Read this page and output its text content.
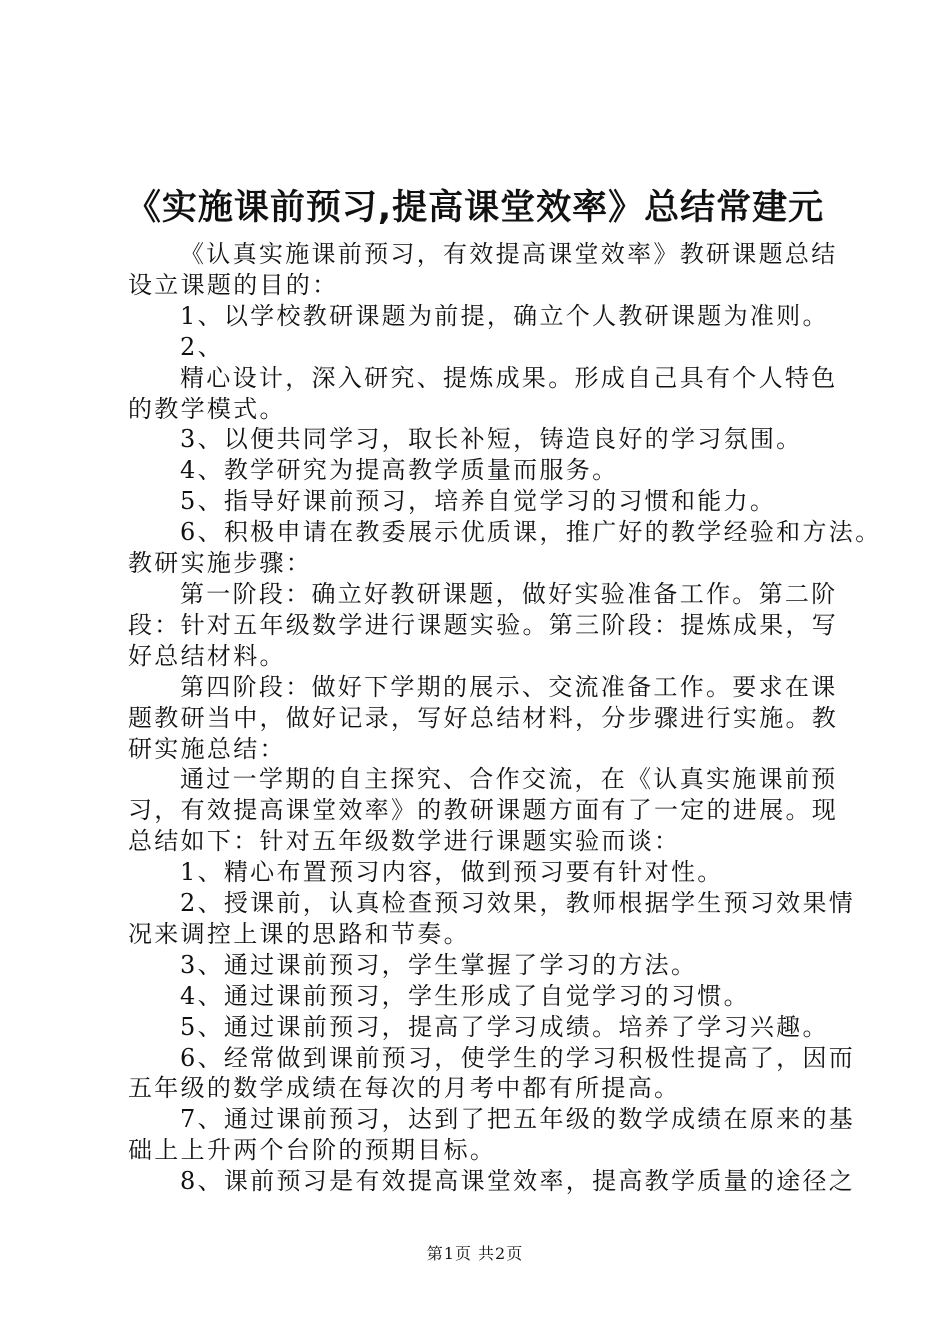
《实施课前预习,提高课堂效率》总结常建元

《认真实施课前预习，有效提高课堂效率》教研课题总结

设立课题的目的：

1、以学校教研课题为前提，确立个人教研课题为准则。

2、

精心设计，深入研究、提炼成果。形成自己具有个人特色

的教学模式。

3、以便共同学习，取长补短，铸造良好的学习氛围。

4、教学研究为提高教学质量而服务。

5、指导好课前预习，培养自觉学习的习惯和能力。

6、积极申请在教委展示优质课，推广好的教学经验和方法。

教研实施步骤：

第一阶段：确立好教研课题，做好实验准备工作。第二阶

段：针对五年级数学进行课题实验。第三阶段：提炼成果，写

好总结材料。

第四阶段：做好下学期的展示、交流准备工作。要求在课

题教研当中，做好记录，写好总结材料，分步骤进行实施。教

研实施总结：

通过一学期的自主探究、合作交流，在《认真实施课前预

习，有效提高课堂效率》的教研课题方面有了一定的进展。现

总结如下：针对五年级数学进行课题实验而谈：

1、精心布置预习内容，做到预习要有针对性。

2、授课前，认真检查预习效果，教师根据学生预习效果情

况来调控上课的思路和节奏。

3、通过课前预习，学生掌握了学习的方法。

4、通过课前预习，学生形成了自觉学习的习惯。

5、通过课前预习，提高了学习成绩。培养了学习兴趣。

6、经常做到课前预习，使学生的学习积极性提高了，因而

五年级的数学成绩在每次的月考中都有所提高。

7、通过课前预习，达到了把五年级的数学成绩在原来的基

础上上升两个台阶的预期目标。

8、课前预习是有效提高课堂效率，提高教学质量的途径之

第1页 共2页
